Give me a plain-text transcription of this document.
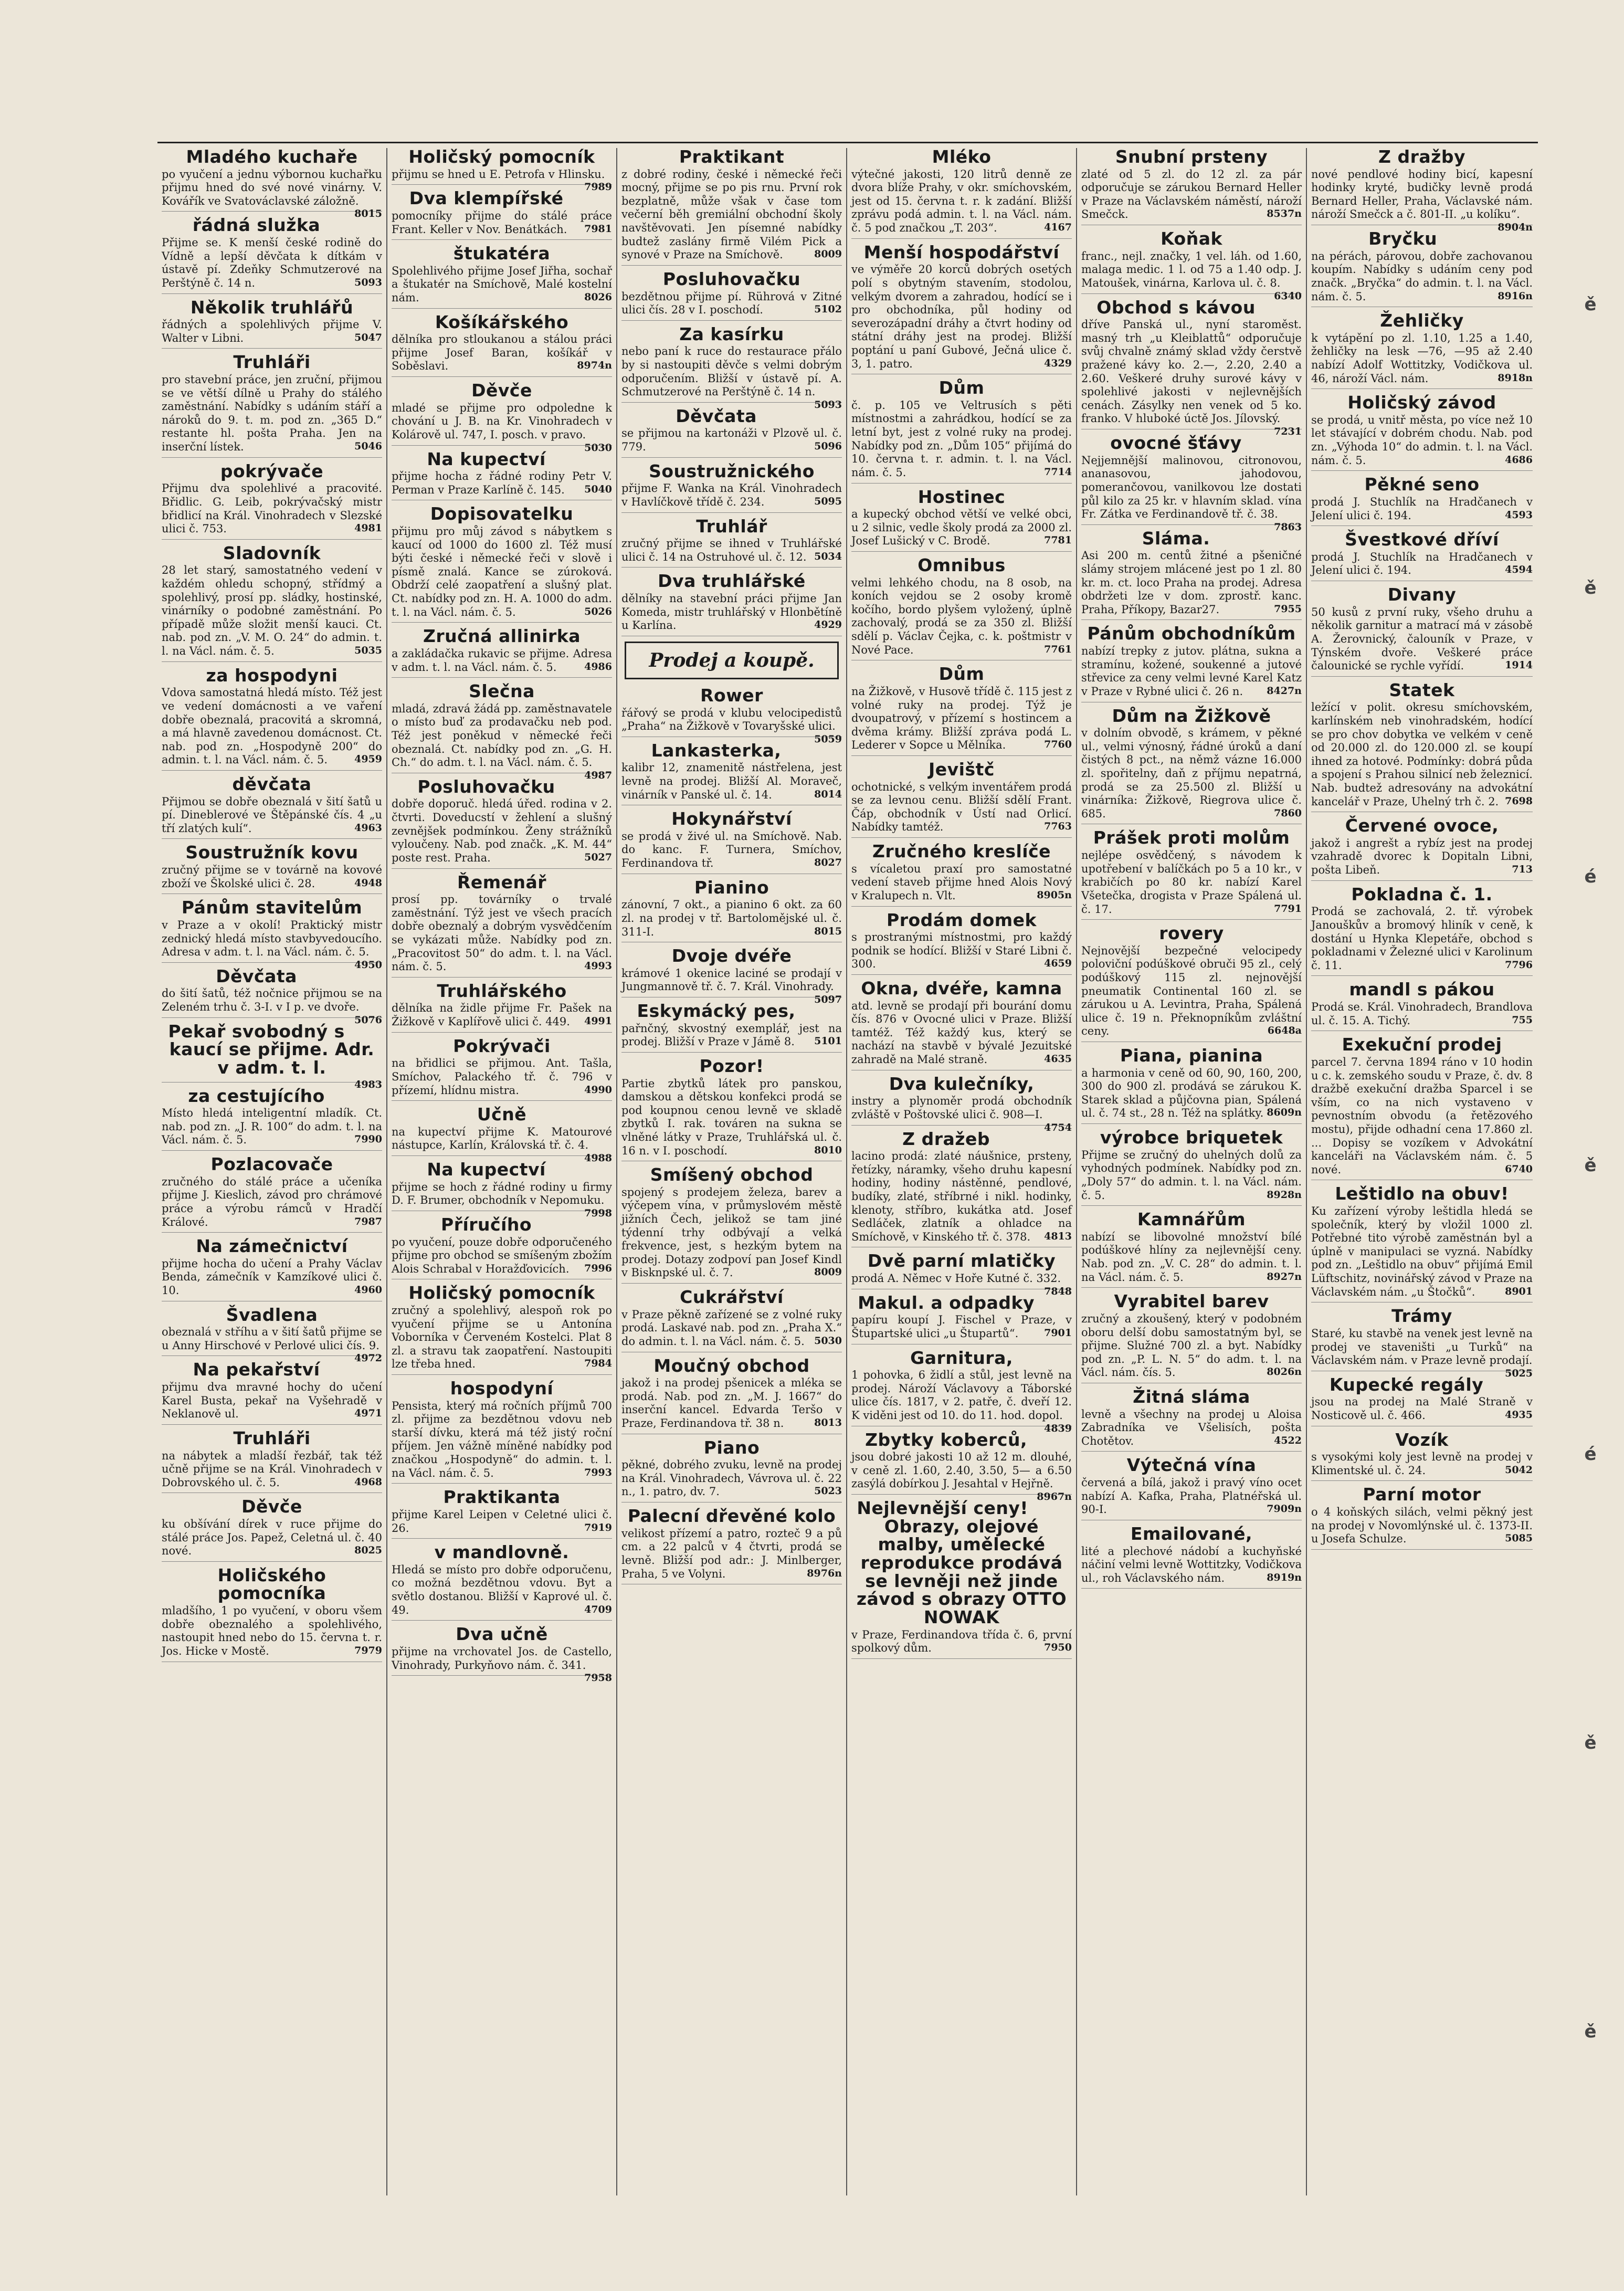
Mladého kuchaře

po vyučení a jednu výbornou kuchařku přijmu hned do své nové vinárny. V. Kovářík ve Svatováclavské záložně.
8015

řádná služka

Přijme se. K menší české rodině do Vídně a lepší děvčata k dítkám v ústavě pí. Zdeňky Schmutzerové na Perštýně č. 14 n.	5093

Několik truhlářů

řádných a spolehlivých přijme V. Walter v Libni.	5047

Truhláři

pro stavební práce, jen zruční, přijmou se ve větší dílně u Prahy do stálého zaměstnání. Nabídky s udáním stáří a nároků do 9. t. m. pod zn. „365 D.“ restante hl. pošta Praha. Jen na inserční lístek.	5046

pokrývače

Přijmu dva spolehlivé a pracovité. Břidlic. G. Leib, pokrývačský mistr břidlicí na Král. Vinohradech v Slezské ulici č. 753.	4981

Sladovník

28 let starý, samostatného vedení v každém ohledu schopný, střídmý a spolehlivý, prosí pp. sládky, hostinské, vinárníky o podobné zaměstnání. Po případě může složit menší kauci. Ct. nab. pod zn. „V. M. O. 24“ do admin. t. l. na Václ. nám. č. 5.	5035

za hospodyni

Vdova samostatná hledá místo. Též jest ve vedení domácnosti a ve vaření dobře obeznalá, pracovitá a skromná, a má hlavně zavedenou domácnost. Ct. nab. pod zn. „Hospodyně 200“ do admin. t. l. na Václ. nám. č. 5.	4959

děvčata

Přijmou se dobře obeznalá v šití šatů u pí. Dineblerové ve Štěpánské čís. 4 „u tří zlatých kulí“.	4963

Soustružník kovu

zručný přijme se v továrně na kovové zboží ve Školské ulici č. 28.	4948

Pánům stavitelům

v Praze a v okolí! Praktický mistr zednický hledá místo stavbyvedoucího. Adresa v adm. t. l. na Václ. nám. č. 5.
4950

Děvčata

do šití šatů, též nočnice přijmou se na Zeleném trhu č. 3-I. v I p. ve dvoře.
5076

Pekař svobodný s kaucí se přijme. Adr. v adm. t. l.

4983

za cestujícího

Místo hledá inteligentní mladík. Ct. nab. pod zn. „J. R. 100“ do adm. t. l. na Václ. nám. č. 5.	7990

Pozlacovače

zručného do stálé práce a učeníka přijme J. Kieslich, závod pro chrámové práce a výrobu rámců v Hradčí Králové.	7987

Na zámečnictví

přijme hocha do učení a Prahy Václav Benda, zámečník v Kamzíkové ulici č. 10.	4960

Švadlena

obeznalá v stříhu a v šití šatů přijme se u Anny Hirschové v Perlové ulici čís. 9.
4972

Na pekařství

přijmu dva mravné hochy do učení Karel Busta, pekař na Vyšehradě v Neklanově ul.	4971

Truhláři

na nábytek a mladší řezbář, tak též učně přijme se na Král. Vinohradech v Dobrovského ul. č. 5.	4968

Děvče

ku obšívání dírek v ruce přijme do stálé práce Jos. Papež, Celetná ul. č. 40 nové.	8025

Holičského pomocníka

mladšího, 1 po vyučení, v oboru všem dobře obeznalého a spolehlivého, nastoupit hned nebo do 15. června t. r. Jos. Hicke v Mostě.	7979

Holičský pomocník

přijmu se hned u E. Petrofa v Hlinsku.
7989

Dva klempířské

pomocníky přijme do stálé práce Frant. Keller v Nov. Benátkách. 7981

štukatéra

Spolehlivého přijme Josef Jiřha, sochař a štukatér na Smíchově, Malé kostelní nám.	8026

Košíkářského

dělníka pro stloukanou a stálou práci přijme Josef Baran, košíkář v Soběslavi.	8974n

Děvče

mladé se přijme pro odpoledne k chování u J. B. na Kr. Vinohradech v Kolárově ul. 747, I. posch. v pravo.
5030

Na kupectví

přijme hocha z řádné rodiny Petr V. Perman v Praze Karlíně č. 145. 5040

Dopisovatelku

přijmu pro můj závod s nábytkem s kaucí od 1000 do 1600 zl. Též musí býti české i německé řeči v slově i písmě znalá. Kance se zúroková. Obdrží celé zaopatření a slušný plat. Ct. nabídky pod zn. H. A. 1000 do adm. t. l. na Václ. nám. č. 5.	5026

Zručná allinirka

a zakládačka rukavic se přijme. Adresa v adm. t. l. na Václ. nám. č. 5.	4986

Slečna

mladá, zdravá žádá pp. zaměstnavatele o místo buď za prodavačku neb pod. Též jest poněkud v německé řeči obeznalá. Ct. nabídky pod zn. „G. H. Ch.“ do adm. t. l. na Václ. nám. č. 5.
4987

Posluhovačku

dobře doporuč. hledá úřed. rodina v 2. čtvrti. Doveducstí v žehlení a slušný zevnějšek podmínkou. Ženy strážníků vyloučeny. Nab. pod značk. „K. M. 44“ poste rest. Praha.	5027

Řemenář

prosí pp. továrníky o trvalé zaměstnání. Týž jest ve všech pracích dobře obeznalý a dobrým vysvědčením se vykázati může. Nabídky pod zn. „Pracovitost 50“ do adm. t. l. na Václ. nám. č. 5.	4993

Truhlářského

dělníka na židle přijme Fr. Pašek na Žižkově v Kaplířově ulici č. 449. 4991

Pokrývači

na břidlici se přijmou. Ant. Tašla, Smíchov, Palackého tř. č. 796 v přízemí, hlídnu mistra.	4990

Učně

na kupectví přijme K. Matourové nástupce, Karlín, Královská tř. č. 4.
4988

Na kupectví

přijme se hoch z řádné rodiny u firmy D. F. Brumer, obchodník v Nepomuku.
7998

Příručího

po vyučení, pouze dobře odporučeného přijme pro obchod se smíšeným zbožím Alois Schrabal v Horažďovicích. 7996

Holičský pomocník

zručný a spolehlivý, alespoň rok po vyučení přijme se u Antonína Voborníka v Červeném Kostelci. Plat 8 zl. a stravu tak zaopatření. Nastoupiti lze třeba hned.	7984

hospodyní

Pensista, který má ročních příjmů 700 zl. přijme za bezdětnou vdovu neb starší dívku, která má též jistý roční příjem. Jen vážně míněné nabídky pod značkou „Hospodyně“ do admin. t. l. na Václ. nám. č. 5.	7993

Praktikanta

přijme Karel Leipen v Celetné ulici č. 26.	7919

v mandlovně.

Hledá se místo pro dobře odporučenu, co možná bezdětnou vdovu. Byt a světlo dostanou. Bližší v Kaprové ul. č. 49.	4709

Dva učně

přijme na vrchovatel Jos. de Castello, Vinohrady, Purkyňovo nám. č. 341.
7958

Praktikant

z dobré rodiny, české i německé řeči mocný, přijme se po pis rnu. První rok bezplatně, může však v čase tom večerní běh gremiální obchodní školy navštěvovati. Jen písemné nabídky budtež zaslány firmě Vilém Pick a synové v Praze na Smíchově.	8009

Posluhovačku

bezdětnou přijme pí. Rührová v Zitné ulici čís. 28 v I. poschodí.	5102

Za kasírku

nebo paní k ruce do restaurace přálo by si nastoupiti děvče s velmi dobrým odporučením. Bližší v ústavě pí. A. Schmutzerové na Perštýně č. 14 n.
5093

Děvčata

se přijmou na kartonáži v Plzově ul. č. 779.	5096

Soustružnického

přijme F. Wanka na Král. Vinohradech v Havlíčkově třídě č. 234.	5095

Truhlář

zručný přijme se ihned v Truhlářské ulici č. 14 na Ostruhové ul. č. 12. 5034

Dva truhlářské

dělníky na stavební práci přijme Jan Komeda, mistr truhlářský v Hlonbětíně u Karlína.	4929

Prodej a koupě.
Rower

řářový se prodá v klubu velocipedistů „Praha“ na Žižkově v Tovaryšské ulici.
5059

Lankasterka,

kalibr 12, znamenitě nástřelena, jest levně na prodej. Bližší Al. Moraveč, vinárník v Panské ul. č. 14.	8014

Hokynářství

se prodá v živé ul. na Smíchově. Nab. do kanc. F. Turnera, Smíchov, Ferdinandova tř.	8027

Pianino

zánovní, 7 okt., a pianino 6 okt. za 60 zl. na prodej v tř. Bartolomějské ul. č. 311-I.	8015

Dvoje dvéře

krámové 1 okenice laciné se prodají v Jungmannově tř. č. 7. Král. Vinohrady.
5097

Eskymácký pes,

pařnčný, skvostný exemplář, jest na prodej. Bližší v Praze v Jámě 8. 5101

Pozor!

Partie zbytků látek pro panskou, damskou a dětskou konfekci prodá se pod koupnou cenou levně ve skladě zbytků I. rak. továren na sukna se vlněné látky v Praze, Truhlářská ul. č. 16 n. v I. poschodí.	8010

Smíšený obchod

spojený s prodejem železa, barev a výčepem vína, v průmyslovém městě jižních Čech, jelikož se tam jiné týdenní trhy odbývají a velká frekvence, jest, s hezkým bytem na prodej. Dotazy zodpoví pan Josef Kindl v Bisknpské ul. č. 7.	8009

Cukrářství

v Praze pěkně zařízené se z volné ruky prodá. Laskavé nab. pod zn. „Praha X.“ do admin. t. l. na Václ. nám. č. 5. 5030

Moučný obchod

jakož i na prodej pšenicek a mléka se prodá. Nab. pod zn. „M. J. 1667“ do inserční kancel. Edvarda Teršo v Praze, Ferdinandova tř. 38 n.	8013

Piano

pěkné, dobrého zvuku, levně na prodej na Král. Vinohradech, Vávrova ul. č. 22 n., 1. patro, dv. 7.	5023

Palecní dřevěné kolo

velikost přízemí a patro, rozteč 9 a pů cm. a 22 palců v 4 čtvrti, prodá se levně. Bližší pod adr.: J. Minlberger, Praha, 5 ve Volyni.	8976n

Mléko

výtečné jakosti, 120 litrů denně ze dvora blíže Prahy, v okr. smíchovském, jest od 15. června t. r. k zadání. Bližší zprávu podá admin. t. l. na Václ. nám. č. 5 pod značkou „T. 203“.	4167

Menší hospodářství

ve výměře 20 korců dobrých osetých polí s obytným stavením, stodolou, velkým dvorem a zahradou, hodící se i pro obchodníka, půl hodiny od severozápadní dráhy a čtvrt hodiny od státní dráhy jest na prodej. Bližší poptání u paní Gubové, Ječná ulice č. 3, 1. patro.	4329

Dům

č. p. 105 ve Veltrusích s pěti místnostmi a zahrádkou, hodící se za letní byt, jest z volné ruky na prodej. Nabídky pod zn. „Dům 105“ přijímá do 10. června t. r. admin. t. l. na Václ. nám. č. 5.	7714

Hostinec

a kupecký obchod větší ve velké obci, u 2 silnic, vedle školy prodá za 2000 zl. Josef Lušický v C. Brodě.	7781

Omnibus

velmi lehkého chodu, na 8 osob, na koních vejdou se 2 osoby kromě kočího, bordo plyšem vyložený, úplně zachovalý, prodá se za 350 zl. Bližší sdělí p. Václav Čejka, c. k. poštmistr v Nové Pace.	7761

Dům

na Žižkově, v Husově třídě č. 115 jest z volné ruky na prodej. Týž je dvoupatrový, v přízemí s hostincem a dvěma krámy. Bližší zpráva podá L. Lederer v Sopce u Mělníka.	7760

Jevištč

ochotnické, s velkým inventářem prodá se za levnou cenu. Bližší sdělí Frant. Čáp, obchodník v Ústí nad Orlicí. Nabídky tamtéž.	7763

Zručného kreslíče

s vícaletou praxí pro samostatné vedení staveb přijme hned Alois Nový v Kralupech n. Vlt.	8905n

Prodám domek

s prostranými místnostmi, pro každý podnik se hodící. Bližší v Staré Libni č. 300.	4659

Okna, dvéře, kamna

atd. levně se prodají při bourání domu čís. 876 v Ovocné ulici v Praze. Bližší tamtéž. Též každý kus, který se nachází na stavbě v bývalé Jezuitské zahradě na Malé straně.	4635

Dva kulečníky,

instry a plynoměr prodá obchodník zvláště v Poštovské ulici č. 908—I.
4754

Z dražeb

lacino prodá: zlaté náušnice, prsteny, řetízky, náramky, všeho druhu kapesní hodiny, hodiny nástěnné, pendlové, budíky, zlaté, stříbrné i nikl. hodinky, klenoty, stříbro, kukátka atd. Josef Sedláček, zlatník a ohladce na Smíchově, v Kinského tř. č. 378. 4813

Dvě parní mlatičky

prodá A. Němec v Hoře Kutné č. 332.
7848

Makul. a odpadky

papíru koupí J. Fischel v Praze, v Štupartské ulici „u Štupartů“.	7901

Garnitura,

1 pohovka, 6 židlí a stůl, jest levně na prodej. Nároží Václavovy a Táborské ulice čís. 1817, v 2. patře, č. dveří 12. K viděni jest od 10. do 11. hod. dopol.
4839

Zbytky koberců,

jsou dobré jakosti 10 až 12 m. dlouhé, v ceně zl. 1.60, 2.40, 3.50, 5— a 6.50 zasýlá dobírkou J. Jesahtal v Hejřně.
8967n

Nejlevnější ceny! Obrazy, olejové malby, umělecké reprodukce prodává se levněji než jinde závod s obrazy OTTO NOWAK

v Praze, Ferdinandova třída č. 6, první spolkový dům.	7950

Snubní prsteny

zlaté od 5 zl. do 12 zl. za pár odporučuje se zárukou Bernard Heller v Praze na Václavském náměstí, nároží Smečck.	8537n

Koňak

franc., nejl. značky, 1 vel. láh. od 1.60, malaga medic. 1 l. od 75 a 1.40 odp. J. Matoušek, vinárna, Karlova ul. č. 8.
6340

Obchod s kávou

dříve Panská ul., nyní staroměst. masný trh „u Kleiblattů“ odporučuje svůj chvalně známý sklad vždy čerstvě pražené kávy ko. 2.—, 2.20, 2.40 a 2.60. Veškeré druhy surové kávy v spolehlivé jakosti v nejlevnějších cenách. Zásylky nen venek od 5 ko. franko. V hluboké úctě Jos. Jílovský.
7231

ovocné šťávy

Nejjemnější malinovou, citronovou, ananasovou, jahodovou, pomerančovou, vanilkovou lze dostati půl kilo za 25 kr. v hlavním sklad. vína Fr. Zátka ve Ferdinandově tř. č. 38.
7863

Sláma.

Asi 200 m. centů žitné a pšeničné slámy strojem mlácené jest po 1 zl. 80 kr. m. ct. loco Praha na prodej. Adresa obdržeti lze v dom. zprostř. kanc. Praha, Příkopy, Bazar27.	7955

Pánům obchodníkům

nabízí trepky z jutov. plátna, sukna a stramínu, kožené, soukenné a jutové střevice za ceny velmi levné Karel Katz v Praze v Rybné ulici č. 26 n. 8427n

Dům na Žižkově

v dolním obvodě, s krámem, v pěkné ul., velmi výnosný, řádné úroků a daní čistých 8 pct., na němž vázne 16.000 zl. spořitelny, daň z příjmu nepatrná, prodá se za 25.500 zl. Bližší u vinárníka: Žižkově, Riegrova ulice č. 685.	7860

Prášek proti molům

nejlépe osvědčený, s návodem k upotřebení v balíčkách po 5 a 10 kr., v krabičích po 80 kr. nabízí Karel Všetečka, drogista v Praze Spálená ul. č. 17.	7791

rovery

Nejnovější bezpečné velocipedy poloviční podúškové obruči 95 zl., celý podúškový 115 zl. nejnovější pneumatik Continental 160 zl. se zárukou u A. Levintra, Praha, Spálená ulice č. 19 n. Překnopníkům zvláštní ceny.	6648a

Piana, pianina

a harmonia v ceně od 60, 90, 160, 200, 300 do 900 zl. prodává se zárukou K. Starek sklad a půjčovna pian, Spálená ul. č. 74 st., 28 n. Též na splátky. 8609n

výrobce briquetek

Přijme se zručný do uhelných dolů za vyhodných podmínek. Nabídky pod zn. „Doly 57“ do admin. t. l. na Václ. nám. č. 5.	8928n

Kamnářům

nabízí se libovolné množství bílé podúškové hlíny za nejlevnější ceny. Nab. pod zn. „V. C. 28“ do admin. t. l. na Václ. nám. č. 5.	8927n

Vyrabitel barev

zručný a zkoušený, který v podobném oboru delší dobu samostatným byl, se přijme. Služné 700 zl. a byt. Nabídky pod zn. „P. L. N. 5“ do adm. t. l. na Václ. nám. čís. 5.	8026n

Žitná sláma

levně a všechny na prodej u Aloisa Zabradníka ve Všelisích, pošta Chotětov.	4522

Výtečná vína

červená a bílá, jakož i pravý víno ocet nabízí A. Kafka, Praha, Platnéřská ul. 90-I.	7909n

Emailované,

lité a plechové nádobí a kuchyňské náčiní velmi levně Wottitzky, Vodičkova ul., roh Václavského nám.	8919n

Z dražby

nové pendlové hodiny bicí, kapesní hodinky kryté, budičky levně prodá Bernard Heller, Praha, Václavské nám. nároží Smečck a č. 801-II. „u kolíku“.
8904n

Bryčku

na pérách, párovou, dobře zachovanou koupím. Nabídky s udáním ceny pod značk. „Bryčka“ do admin. t. l. na Václ. nám. č. 5.	8916n

Žehličky

k vytápění po zl. 1.10, 1.25 a 1.40, žehličky na lesk —76, —95 až 2.40 nabízí Adolf Wottitzky, Vodičkova ul. 46, nároží Václ. nám.	8918n

Holičský závod

se prodá, u vnitř města, po více než 10 let stávající v dobrém chodu. Nab. pod zn. „Výhoda 10“ do admin. t. l. na Václ. nám. č. 5.	4686

Pěkné seno

prodá J. Stuchlík na Hradčanech v Jelení ulici č. 194.	4593

Švestkové dříví

prodá J. Stuchlík na Hradčanech v Jelení ulici č. 194.	4594

Divany

50 kusů z první ruky, všeho druhu a několik garnitur a matrací má v zásobě A. Žerovnický, čalouník v Praze, v Týnském dvoře. Veškeré práce čalounické se rychle vyřídí.	1914

Statek

ležící v polit. okresu smíchovském, karlínském neb vinohradském, hodící se pro chov dobytka ve velkém v ceně od 20.000 zl. do 120.000 zl. se koupí ihned za hotové. Podmínky: dobrá půda a spojení s Prahou silnicí neb železnicí. Nab. budtež adresovány na advokátní kancelář v Praze, Uhelný trh č. 2. 7698

Červené ovoce,

jakož i angrešt a rybíz jest na prodej vzahradě dvorec k Dopitaln Libni, pošta Libeň.	713

Pokladna č. 1.

Prodá se zachovalá, 2. tř. výrobek Janouškův a bromový hliník v ceně, k dostání u Hynka Klepetáře, obchod s pokladnami v Železné ulici v Karolinum č. 11.	7796

mandl s pákou

Prodá se. Král. Vinohradech, Brandlova ul. č. 15. A. Tichý.	755

Exekuční prodej

parcel 7. června 1894 ráno v 10 hodin u c. k. zemského soudu v Praze, č. dv. 8 dražbě exekuční dražba Sparcel i se vším, co na nich vystaveno v pevnostním obvodu (a řetězového mostu), přijde odhadní cena 17.860 zl. ... Dopisy se vozíkem v Advokátní kanceláři na Václavském nám. č. 5 nové.	6740

Leštidlo na obuv!

Ku zařízení výroby leštidla hledá se společník, který by vložil 1000 zl. Potřebné tito výrobě zaměstnán byl a úplně v manipulaci se vyzná. Nabídky pod zn. „Leštidlo na obuv“ přijímá Emil Lüftschitz, novinářský závod v Praze na Václavském nám. „u Štočků“.	8901

Trámy

Staré, ku stavbě na venek jest levně na prodej ve staveništi „u Turků“ na Václavském nám. v Praze levně prodají.
5025

Kupecké regály

jsou na prodej na Malé Straně v Nosticově ul. č. 466.	4935

Vozík

s vysokými koly jest levně na prodej v Klimentské ul. č. 24.	5042

Parní motor

o 4 koňských silách, velmi pěkný jest na prodej v Novomlýnské ul. č. 1373-II. u Josefa Schulze.	5085

ě
ě
é
ě
é
ě
ě
